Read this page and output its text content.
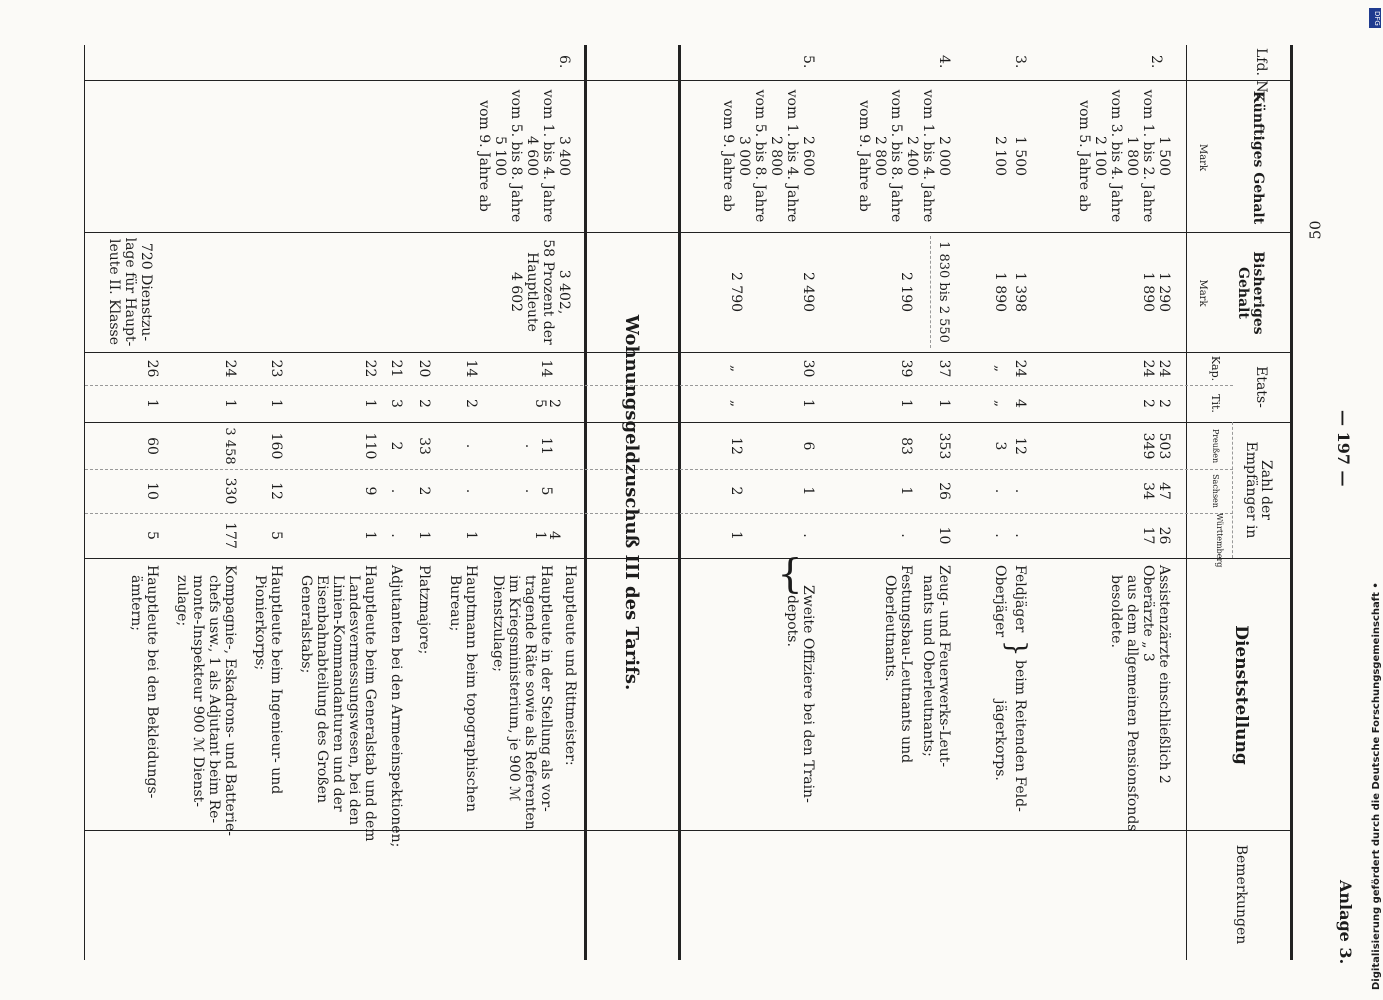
— 197 —
Anlage 3.
Lfd. Nr.
Künftiges Gehalt
Mark
Bisheriges Gehalt
Mark
Etats-
Kap.
Tit.
Zahl der Empfänger in
Preußen
Sachsen
Württemberg
Dienststellung
Bemerkungen
2.
1 500
vom 1. bis 2. Jahre
1 800
vom 3. bis 4. Jahre
2 100
vom 5. Jahre ab
1 290
1 890
24
24
2
2
503
349
47
34
26
17
Assistenzärzte einschließlich 2
Oberärzte „ 3
aus dem allgemeinen Pensionsfonds
besoldete.
3.
1 500
2 100
1 398
1 890
24
„
4
„
12
3
.
.
.
.
Feldjäger
Oberjäger
}
beim Reitenden Feld-
jägerkorps.
4.
2 000
vom 1. bis 4. Jahre
2 400
vom 5. bis 8. Jahre
2 800
vom 9. Jahre ab
1 830 bis 2 550
2 190
37
39
1
1
353
83
26
1
10
.
Zeug- und Feuerwerks-Leut-
nants und Oberleutnants;
Festungsbau-Leutnants und
Oberleutnants.
5.
2 600
vom 1. bis 4. Jahre
2 800
vom 5. bis 8. Jahre
3 000
vom 9. Jahre ab
2 490
2 790
30
„
1
„
6
12
1
2
.
1
{
Zweite Offiziere bei den Train-
depots.
Wohnungsgeldzuschuß III des Tarifs.
6.
3 400
vom 1. bis 4. Jahre
4 600
vom 5. bis 8. Jahre
5 100
vom 9. Jahre ab
3 402,
58 Prozent der
Hauptleute
4 602
720 Dienstzu-
lage für Haupt-
leute II. Klasse
14
14
20
21
22
23
24
26
2
5
2
2
3
1
1
1
1
11
.
.
33
2
110
160
3 458
60
5
.
.
2
.
9
12
330
10
4
1
1
1
.
1
5
177
5
Hauptleute und Rittmeister:
Hauptleute in der Stellung als vor-
tragende Räte sowie als Referenten
im Kriegsministerium, je 900 ℳ
Dienstzulage;
Hauptmann beim topographischen
Bureau;
Platzmajore;
Adjutanten bei den Armeeinspektionen;
Hauptleute beim Generalstab und dem
Landesvermessungswesen, bei den
Linien-Kommandanturen und der
Eisenbahnabteilung des Großen
Generalstabs;
Hauptleute beim Ingenieur- und
Pionierkorps;
Kompagnie-, Eskadrons- und Batterie-
chefs usw., 1 als Adjutant beim Re-
monte-Inspekteur 900 ℳ Dienst-
zulage;
Hauptleute bei den Bekleidungs-
ämtern;
50
Digitalisierung gefördert durch die Deutsche Forschungsgemeinschaft •
DFG
